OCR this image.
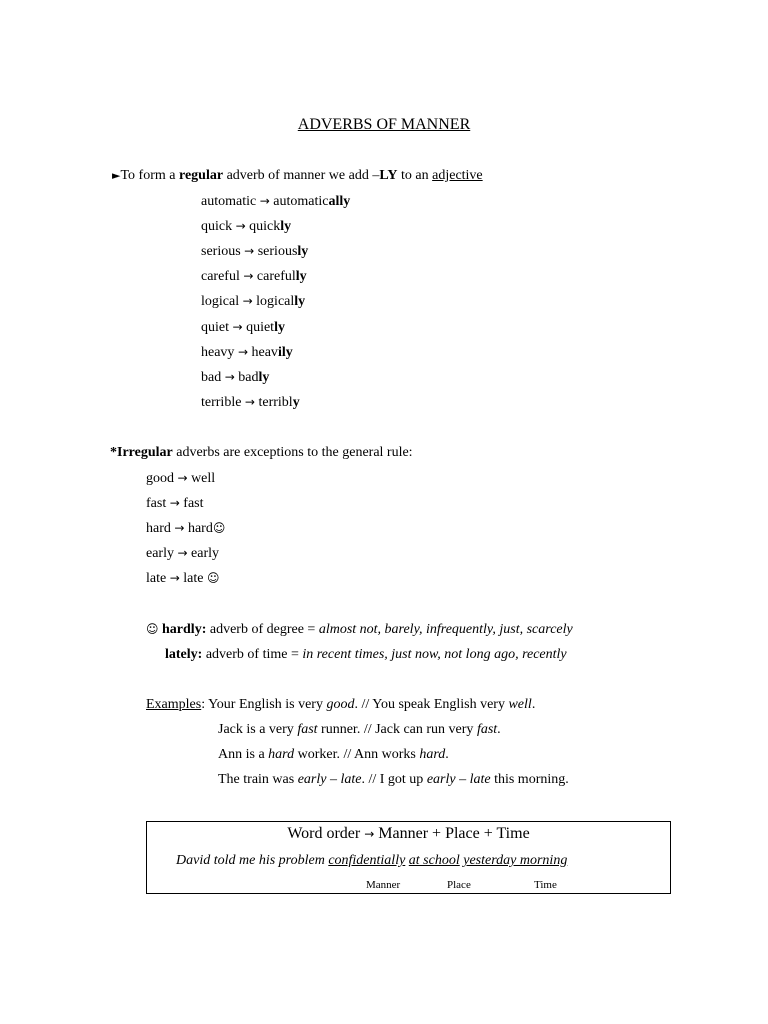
ADVERBS OF MANNER
►To form a regular adverb of manner we add –LY to an adjective
automatic → automatically
quick → quickly
serious → seriously
careful → carefully
logical → logically
quiet → quietly
heavy → heavily
bad → badly
terrible → terribly
*Irregular adverbs are exceptions to the general rule:
good → well
fast → fast
hard → hard☺
early → early
late → late ☺
☺ hardly: adverb of degree = almost not, barely, infrequently, just, scarcely
lately: adverb of time = in recent times, just now, not long ago, recently
Examples: Your English is very good. // You speak English very well.
Jack is a very fast runner. // Jack can run very fast.
Ann is a hard worker. // Ann works hard.
The train was early – late. // I got up early – late this morning.
Word order → Manner + Place + Time
David told me his problem confidentially at school yesterday morning
Manner	Place	Time
